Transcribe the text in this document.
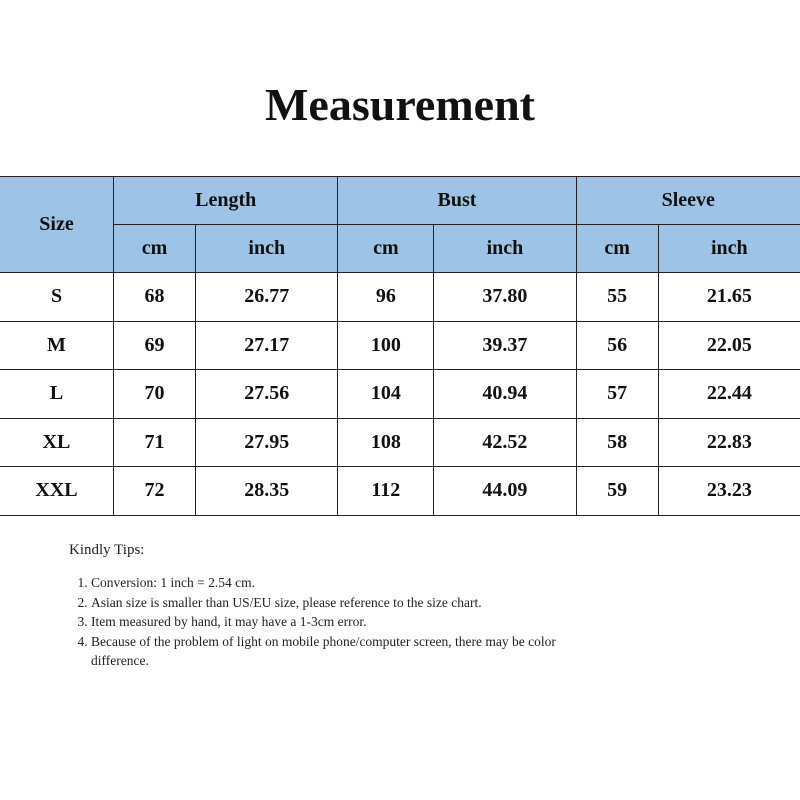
Measurement
Size	Length		Bust		Sleeve	
	cm	inch	cm	inch	cm	inch
S	68	26.77	96	37.80	55	21.65
M	69	27.17	100	39.37	56	22.05
L	70	27.56	104	40.94	57	22.44
XL	71	27.95	108	42.52	58	22.83
XXL	72	28.35	112	44.09	59	23.23
Kindly Tips:
1. Conversion: 1 inch = 2.54 cm.
2. Asian size is smaller than US/EU size, please reference to the size chart.
3. Item measured by hand, it may have a 1-3cm error.
4. Because of the problem of light on mobile phone/computer screen, there may be color difference.
